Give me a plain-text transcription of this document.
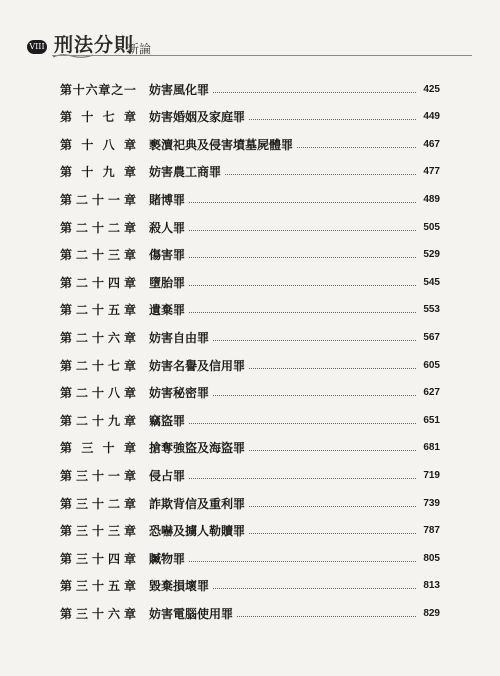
VIII 刑法分則
新論
第 十 六 章 之 一 妨害風化罪	425
第 十 七 章 妨害婚姻及家庭罪	449
第 十 八 章 褻瀆祀典及侵害墳墓屍體罪	467
第 十 九 章 妨害農工商罪	477
第 二 十 一 章 賭博罪	489
第 二 十 二 章 殺人罪	505
第 二 十 三 章 傷害罪	529
第 二 十 四 章 墮胎罪	545
第 二 十 五 章 遺棄罪	553
第 二 十 六 章 妨害自由罪	567
第 二 十 七 章 妨害名譽及信用罪	605
第 二 十 八 章 妨害秘密罪	627
第 二 十 九 章 竊盜罪	651
第 三 十 章 搶奪強盜及海盜罪	681
第 三 十 一 章 侵占罪	719
第 三 十 二 章 詐欺背信及重利罪	739
第 三 十 三 章 恐嚇及擄人勒贖罪	787
第 三 十 四 章 贓物罪	805
第 三 十 五 章 毀棄損壞罪	813
第 三 十 六 章 妨害電腦使用罪	829
